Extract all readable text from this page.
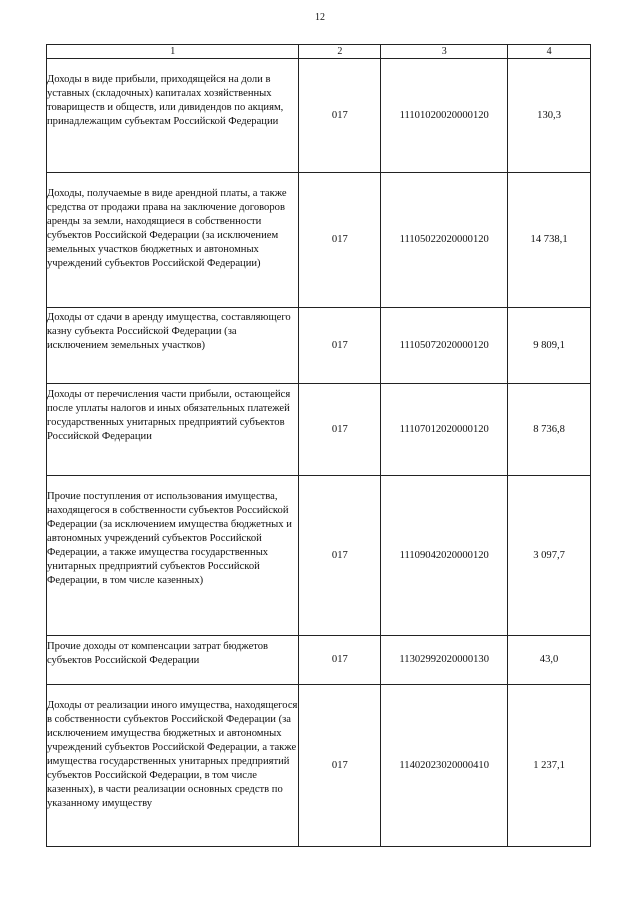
12
1	2	3	4

Доходы в виде прибыли, приходящейся на доли в уставных (складочных) капиталах хозяйственных товариществ и обществ, или дивидендов по акциям, принадлежащим субъектам Российской Федерации	017	11101020020000120	130,3

Доходы, получаемые в виде арендной платы, а также средства от продажи права на заключение договоров аренды за земли, находящиеся в собственности субъектов Российской Федерации (за исключением земельных участков бюджетных и автономных учреждений субъектов Российской Федерации)	017	11105022020000120	14 738,1

Доходы от сдачи в аренду имущества, составляющего казну субъекта Российской Федерации (за исключением земельных участков)	017	11105072020000120	9 809,1

Доходы от перечисления части прибыли, остающейся после уплаты налогов и иных обязательных платежей государственных унитарных предприятий субъектов Российской Федерации	017	11107012020000120	8 736,8

Прочие поступления от использования имущества, находящегося в собственности субъектов Российской Федерации (за исключением имущества бюджетных и автономных учреждений субъектов Российской Федерации, а также имущества государственных унитарных предприятий субъектов Российской Федерации, в том числе казенных)	017	11109042020000120	3 097,7

Прочие доходы от компенсации затрат бюджетов субъектов Российской Федерации	017	11302992020000130	43,0

Доходы от реализации иного имущества, находящегося в собственности субъектов Российской Федерации (за исключением имущества бюджетных и автономных учреждений субъектов Российской Федерации, а также имущества государственных унитарных предприятий субъектов Российской Федерации, в том числе казенных), в части реализации основных средств по указанному имуществу	017	11402023020000410	1 237,1
